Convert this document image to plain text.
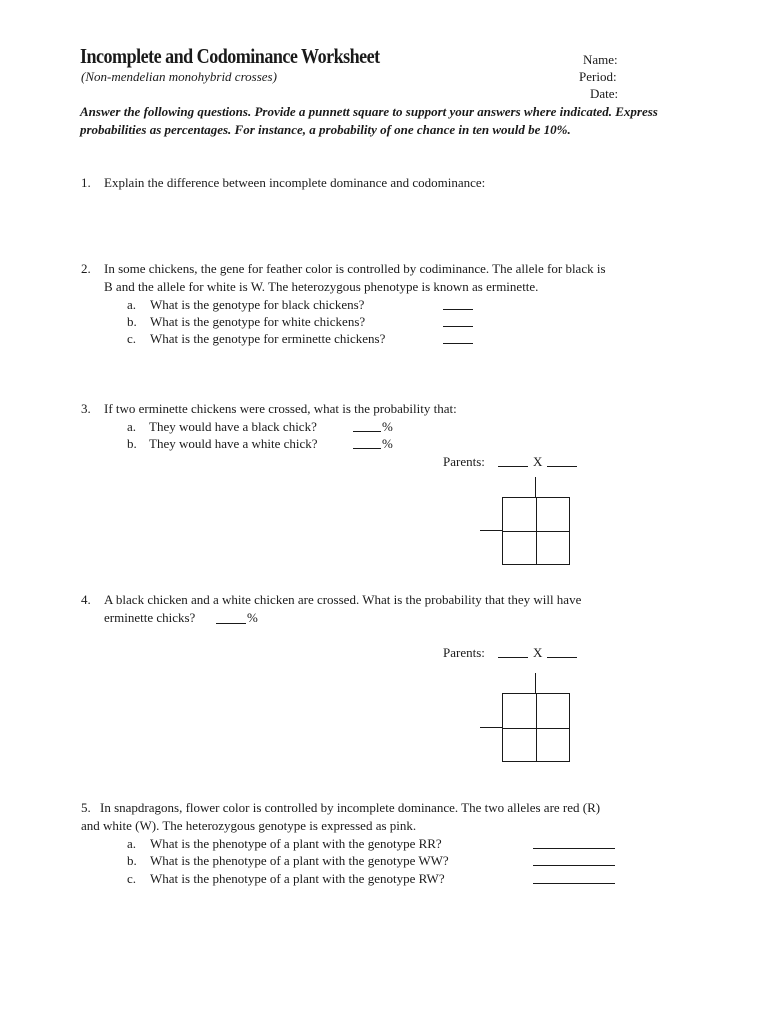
Incomplete and Codominance Worksheet
(Non-mendelian monohybrid crosses)
Name:
Period:
Date:
Answer the following questions. Provide a punnett square to support your answers where indicated. Express probabilities as percentages. For instance, a probability of one chance in ten would be 10%.
1. Explain the difference between incomplete dominance and codominance:
2. In some chickens, the gene for feather color is controlled by codiminance. The allele for black is
B and the allele for white is W. The heterozygous phenotype is known as erminette.
a. What is the genotype for black chickens?
b. What is the genotype for white chickens?
c. What is the genotype for erminette chickens?
3. If two erminette chickens were crossed, what is the probability that:
a. They would have a black chick?	%
b. They would have a white chick?	%
Parents:	X
4. A black chicken and a white chicken are crossed. What is the probability that they will have
erminette chicks?	%
Parents:	X
5. In snapdragons, flower color is controlled by incomplete dominance. The two alleles are red (R)
and white (W). The heterozygous genotype is expressed as pink.
a. What is the phenotype of a plant with the genotype RR?
b. What is the phenotype of a plant with the genotype WW?
c. What is the phenotype of a plant with the genotype RW?
